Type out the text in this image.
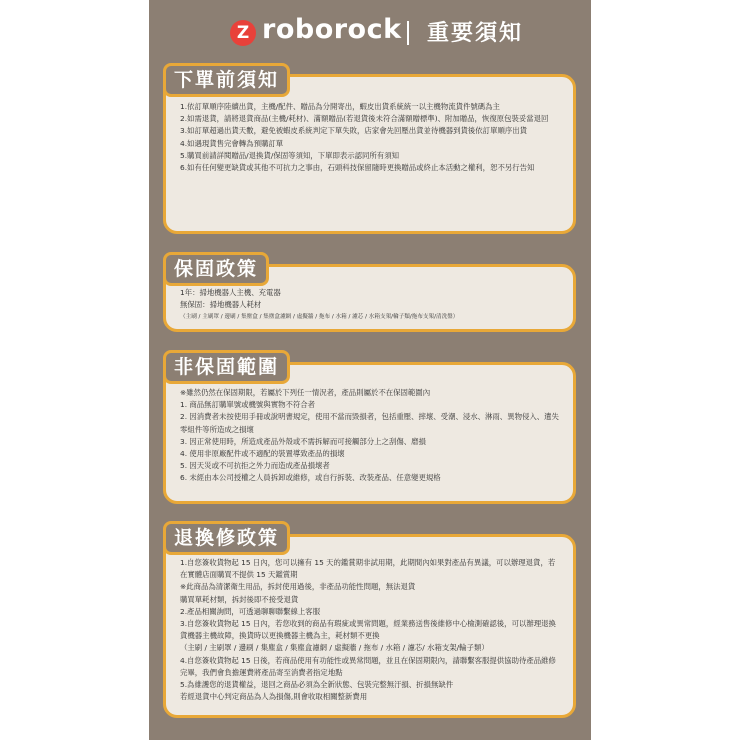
Z roborock 重要須知
1.依訂單順序陸續出貨，主機/配件、贈品為分開寄出，蝦皮出貨系統統一以主機物流貨件號碼為主
2.如需退貨，請將退貨商品(主機/耗材)、滿額贈品(若退貨後未符合滿額贈標準)、附加贈品，恢復原包裝妥當退回
3.如訂單超過出貨天數，避免被蝦皮系統判定下單失敗，店家會先回壓出貨並待機器到貨後依訂單順序出貨
4.如遇現貨售完會轉為預購訂單
5.購買前請詳閱贈品/退換貨/保固等須知，下單即表示認同所有須知
6.如有任何變更缺貨或其他不可抗力之事由，石頭科技保留隨時更換贈品或終止本活動之權利，恕不另行告知
下單前須知
1年：掃地機器人主機、充電器
無保固：掃地機器人耗材
（主刷 / 主刷罩 / 邊刷 / 集塵盒 / 集塵盒濾網 / 虛擬牆 / 拖布 / 水箱 / 濾芯 / 水箱支架/輪子類/拖布支架/清洗盤）
保固政策
※雖然仍然在保固期限，若屬於下列任一情況者，產品則屬於不在保固範圍內
1. 商品無訂購單號或機號與實物不符合者
2. 因消費者未按使用手冊或說明書規定，使用不當而毀損者，包括重壓、摔壞、受潮、浸水、淋雨、異物侵入、遺失零組件等所造成之損壞
3. 因正常使用時，所造成產品外殼或不需拆解而可接觸部分上之刮傷、磨損
4. 使用非原廠配件或不適配的裝置導致產品的損壞
5. 因天災或不可抗拒之外力而造成產品損壞者
6. 未經由本公司授權之人員拆卸或維修，或自行拆裝、改裝產品、任意變更規格
非保固範圍
1.自您簽收貨物起 15 日內，您可以擁有 15 天的鑑賞期非試用期，此期間內如果對產品有異議，可以辦理退貨，若在實體店面購買不提供 15 天鑑賞期
※此商品為清潔衛生用品，拆封使用過後，非產品功能性問題，無法退貨
購買單耗材類，拆封後即不接受退貨
2.產品相關詢問，可透過聊聊聯繫線上客服
3.自您簽收貨物起 15 日內，若您收到的商品有瑕疵或異常問題，經業務送售後維修中心檢測確認後，可以辦理退換貨機器主機故障，換貨時以更換機器主機為主，耗材類不更換
（主刷 / 主刷罩 / 邊刷 / 集塵盒 / 集塵盒濾網 / 虛擬牆 / 拖布 / 水箱 / 濾芯/ 水箱支架/輪子類）
4.自您簽收貨物起 15 日後，若商品使用有功能性或異常問題，並且在保固期限內，請聯繫客服提供協助待產品維修完畢，我們會負擔運費將產品寄至消費者指定地點
5.為維護您的退貨權益，退回之商品必須為全新狀態、包裝完整無汙損、折損無缺件
若經退貨中心判定商品為人為損傷,則會收取相關整新費用
退換修政策
